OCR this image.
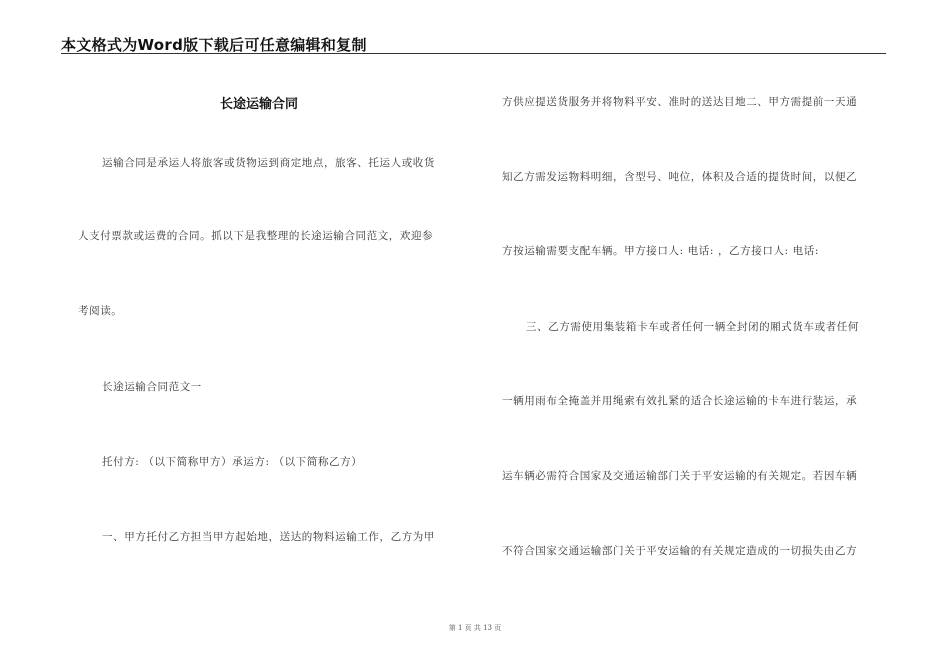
本文格式为Word版下载后可任意编辑和复制
长途运输合同
运输合同是承运人将旅客或货物运到商定地点，旅客、托运人或收货
人支付票款或运费的合同。抓以下是我整理的长途运输合同范文，欢迎参
考阅读。
长途运输合同范文一
托付方: （以下简称甲方）承运方: （以下简称乙方）
一、甲方托付乙方担当甲方起始地，送达的物料运输工作，乙方为甲
方供应提送货服务并将物料平安、准时的送达目地二、甲方需提前一天通
知乙方需发运物料明细，含型号、吨位，体积及合适的提货时间，以便乙
方按运输需要支配车辆。甲方接口人: 电话: ，乙方接口人: 电话:
三、乙方需使用集装箱卡车或者任何一辆全封闭的厢式货车或者任何
一辆用雨布全掩盖并用绳索有效扎紧的适合长途运输的卡车进行装运，承
运车辆必需符合国家及交通运输部门关于平安运输的有关规定。若因车辆
不符合国家交通运输部门关于平安运输的有关规定造成的一切损失由乙方
第 1 页 共 13 页
